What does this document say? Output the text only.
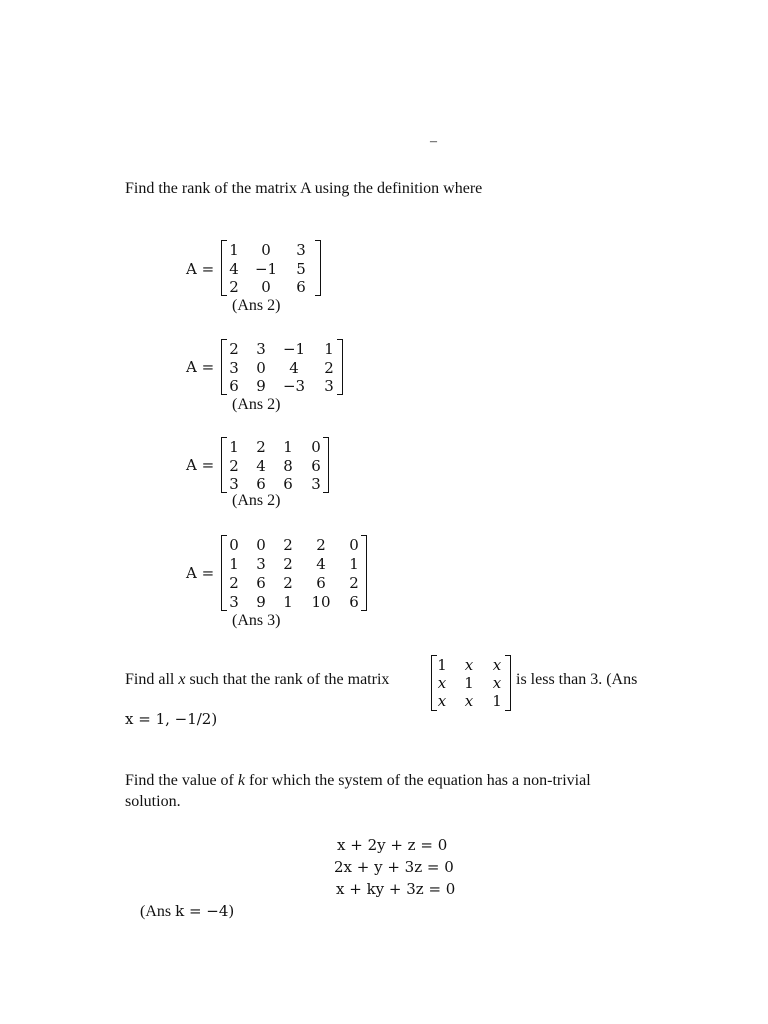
–
Find the rank of the matrix A using the definition where
A =
1	0	3
4	−1	5
2	0	6
(Ans 2)
A =
2	3	−1	1
3	0	4	2
6	9	−3	3
(Ans 2)
A =
1	2	1	0
2	4	8	6
3	6	6	3
(Ans 2)
A =
0	0	2	2	0
1	3	2	4	1
2	6	2	6	2
3	9	1	10	6
(Ans 3)
Find all x such that the rank of the matrix
1	x	x
x	1	x
x	x	1
is less than 3. (Ans
x = 1, −1/2)
Find the value of k for which the system of the equation has a non-trivial
solution.
x + 2y + z = 0
2x + y + 3z = 0
x + ky + 3z = 0
(Ans k = −4)
